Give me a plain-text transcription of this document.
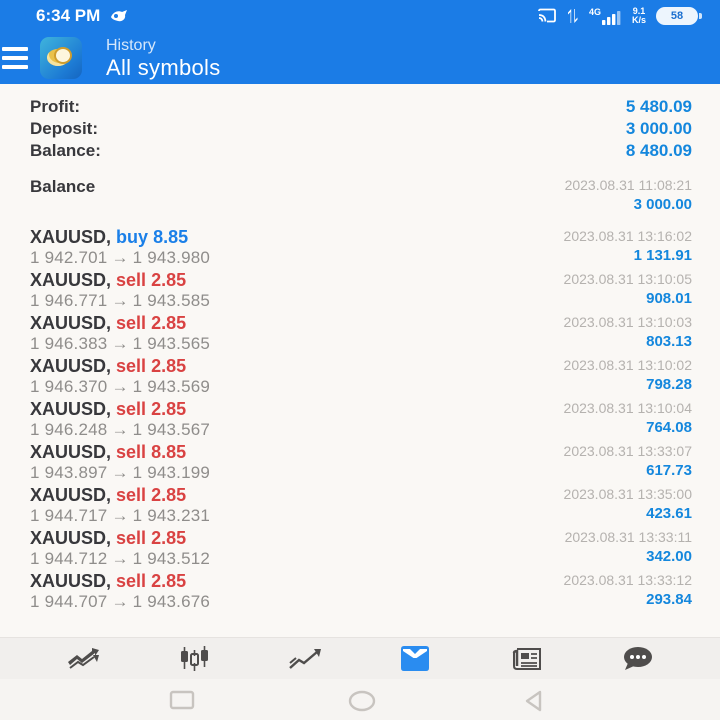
6:34 PM	4G	9.1
K/s 58
History
All symbols
Profit:	5 480.09
Deposit:	3 000.00
Balance:	8 480.09
Balance	2023.08.31 11:08:21
3 000.00
XAUUSD, buy 8.85
1 942.701 → 1 943.980
2023.08.31 13:16:02
1 131.91
XAUUSD, sell 2.85
1 946.771 → 1 943.585
2023.08.31 13:10:05
908.01
XAUUSD, sell 2.85
1 946.383 → 1 943.565
2023.08.31 13:10:03
803.13
XAUUSD, sell 2.85
1 946.370 → 1 943.569
2023.08.31 13:10:02
798.28
XAUUSD, sell 2.85
1 946.248 → 1 943.567
2023.08.31 13:10:04
764.08
XAUUSD, sell 8.85
1 943.897 → 1 943.199
2023.08.31 13:33:07
617.73
XAUUSD, sell 2.85
1 944.717 → 1 943.231
2023.08.31 13:35:00
423.61
XAUUSD, sell 2.85
1 944.712 → 1 943.512
2023.08.31 13:33:11
342.00
XAUUSD, sell 2.85
1 944.707 → 1 943.676
2023.08.31 13:33:12
293.84
